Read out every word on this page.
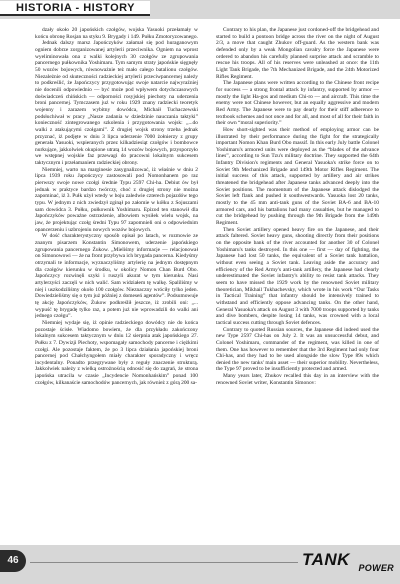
HISTORIA - HISTORY

dzały około 20 japońskich czołgów, wojska Yasuoki przełamały w końcu obronę Rosjan na styku 9. Brygady i 149. Pułku Zmotoryzowanego.

Jednak dalszy marsz Japończyków załamał się pod huraganowym ogniem dobrze zorganizowanej artylerii przeciwnika. Ogniem na wprost wyeliminowała ona z walki kolejnych 30 czołgów ze zgrupowania pancernego pułkownika Yoshimaru. Tym samym straty japońskie sięgnęły 50 wozów bojowych, równoważnie też mało całego batalionu czołgów. Niezależnie od skuteczności radzieckiej artylerii przeciwpancernej należy to podkreślić, że Japończycy przygotowując swoje natarcie najwyraźniej nie docenili odpowiednio — być może pod wpływem dotychczasowych doświadczeń chińskich — odporności rosyjskiej piechoty na uderzenia broni pancernej. Tymczasem już w roku 1929 znany radziecki teoretyk wojenny i zarazem wybitny dowódca, Michaił Tuchaczewski podsłuchiwał w pracy „Nasze zadania w dziedzinie nauczania taktyki” konieczność zintegrowanego szkolenia i przygotowania wojsk: „...do walki z atakującymi czołgami”. Z drugiej wojsk strony trzeba jednak przyznać, iż podjęte w dniu 3 lipca uderzenie 7000 żołnierzy z grupy generała Yasuoki, wspieranych przez kilkadziesiąt czołgów i bombowce nurkujące, jakkolwiek okupione utratą 14 wozów bojowych, przysporzyło we wstępnej wojskie faz przewagi do pracowni lokalnym sukcesem taktycznym i przełamaniem radzieckiej obrony.

Niemniej, warto na marginesie zasygnalizować, iż właśnie w dniu 2 lipca 1939 roku Japończycy zastosowali pod Nomonhanem po raz pierwszy swoje nowe czołgi średnie Typu 2597 Chi-ha. Debiut ów był jednak w praktyce bardzo twórczy, choć z drugiej strony nie można zapominać, iż 3. Pułk użył wtedy w boju zaledwie czterech pojazdów tego typu. W jednym z nich zwiedzył zginął po załomie w kółku z Sojuszami sam dowódca 3. Pułku, pułkownik Yoshimaru. Epizod ten stanowił dla Japończyków poważne ostrzeżenie, albowiem wysiłek wielu wojsk, na jaw, że projektując czołg średni Typu 97 zapomnieli oni o odpowiednim opancerzeniu i uzbrojeniu nowych wozów bojowych.

W dość charakterystyczny sposób opisał po latach, w rozmowie ze znanym pisarzem Konstantin Simonowem, uderzenie japońskiego zgrupowania pancernego Żukow. „Mieliśmy informacje — relacjonował on Simonowowi — że na front przybywa ich brygada pancerna. Kiedyśmy otrzymali te informacje, wyznaczyliśmy artylerię na jednym dostępnym dla czołgów kierunku w środku, w okolicy Nomon Chan Burd Obo. Japończycy rozwinęli szyki i ruszyli akurat w tym kierunku. Nasi artylerzyści zaczęli w nich walić. Sam widziałem tę walkę. Spaliliśmy w niej i uszkodziliśmy około 100 czołgów. Nieznaczny wróciły tylko jeden. Dowiedzieliśmy się o tym już później z domeseń agentów”. Podsumowuje tę akcję Japończyków, Żukow podkreślił jeszcze, iż zrobili oni: „... wypuść tę brygadę tylko raz, a potem już nie wprowadzili do walki ani jednego czołgu”.

Niemniej wydaje się, iż opinie radzieckiego dowódcy nie do końca pozostaje ścisłe. Wiadomo bowiem, że dla przykładu zakończony lokalnym sukcesem taktycznym w dniu 12 sierpnia atak japońskiego 27. Pułku z 7. Dywizji Piechoty, wspomagały samochody pancerne i ciężkimi czołgi. Ale pozostaje faktem, że po 3 lipca działania japońskiej broni pancernej pod Chałchyngołem miały charakter sporadyczny i wręcz incydentalny. Ponadto przegrywane były z reguły znaczenie strukturą. Jakkolwiek należy z wielką ostrożnością odnosić się do zagrań, że strona japońska utracila w czasie „Incydencie Nomonhańskim” ponad 100 czołgów, kilkanaście samochodów pancernych, jak również z górą 200 sa-

Contrary to his plan, the Japanese just cordoned-off the bridgehead and started to build a pontoon bridge across the river on the night of August 2/3, a move that caught Zhukov off-guard. As the western bank was defended only by a weak Mongolian cavalry force the Japanese were ordered to abandon his carefully planned surprise attack and scramble to rescue his troops. All of his reserves were unleashed at once: the 11th Light Tank Brigade, the 7th Mechanized Brigade, and the 24th Motorized Rifles Regiment.

The Japanese plans were written according to the Chinese front recipe for success — a strong frontal attack by infantry, supported by armor — mostly the light Ha-gos and medium Chi-ro — and aircraft. This time the enemy were not Chinese however, but an equally aggressive and modern Red Army. The Japanese were to pay dearly for their stiff adherence to textbook schemes and not once and for all, and most of all for their faith in their own “moral superiority.”

How short-sighted was their method of employing armor can be illustrated by their performance during the fight for the strategically important Nomon Khan Burd Obo massif. In this early July battle Colonel Yoshimaru's armored units were deployed as the “blades of the advance lines”, according to Sun Tzu's military doctrine. They supported the 64th Infantry Division's regiments and General Yasuoka's strike force on to Soviet 9th Mechanized Brigade and 149th Motor Rifles Regiment. The initial success of this attack, supported by artillery and air strikes threatened the bridgehead after Japanese tanks advanced deeply into the Soviet positions. The momentum of the Japanese attack dislodged the Soviet left flank and pushed it southwestwards. Yasuoka lost 20 tanks, mostly to the 45 mm anti-tank guns of the Soviet BA-6 and BA-10 armored cars, and his battalions had many casualties, but he managed to cut the bridgehead by pushing through the 9th Brigade from the 149th Regiment.

Then Soviet artillery opened heavy fire on the Japanese, and their attack faltered. Soviet heavy guns, shooting directly from their positions on the opposite bank of the river accounted for another 30 of Colonel Yoshimaru's tanks destroyed. In this one — first — day of fighting, the Japanese had lost 50 tanks, the equivalent of a Soviet tank battalion, without even seeing a Soviet tank. Leaving aside the accuracy and efficiency of the Red Army's anti-tank artillery, the Japanese had clearly underestimated the Soviet infantry's ability to resist tank attacks. They seem to have missed the 1929 work by the renowned Soviet military theoretician, Mikhail Tukhachevsky, which wrote in his work “Our Tasks in Tactical Training” that infantry should be intensively trained to withstand and efficiently oppose advancing tanks. On the other hand, General Yasuoka's attack on August 3 with 7000 troops supported by tanks and dive bombers, despite losing 14 tanks, was crowned with a local tactical success cutting through Soviet defences.

Contrary to quoted Russian sources, the Japanese did indeed used the new Type 2597 Chi-has on July 2. It was an unsuccessful debut, and Colonel Yoshimaru, commander of the regiment, was killed in one of them. One has however to remember that the 3rd Regiment had only four Chi-has, and they had to be used alongside the slow Type 89s which denied the new tanks' main asset — their superior mobility. Nevertheless, the Type 97 proved to be insufficiently protected and armed.

Many years later, Zhukov recalled this day in an interview with the renowned Soviet writer, Konstantin Simonov:

46	TANK POWER
